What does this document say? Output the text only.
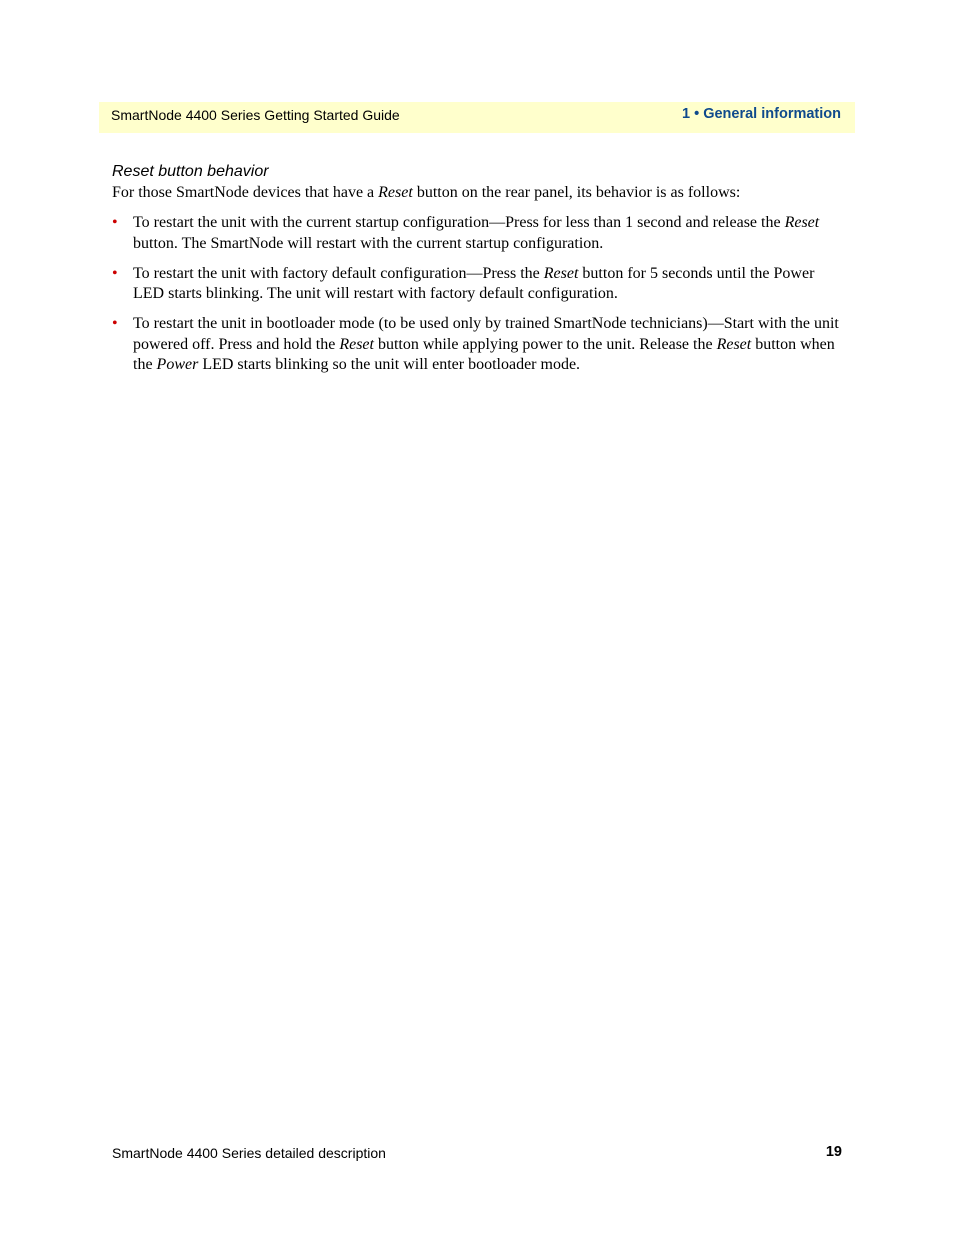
SmartNode 4400 Series Getting Started Guide	1 • General information
Reset button behavior

For those SmartNode devices that have a Reset button on the rear panel, its behavior is as follows:

• To restart the unit with the current startup configuration—Press for less than 1 second and release the Reset button. The SmartNode will restart with the current startup configuration.
• To restart the unit with factory default configuration—Press the Reset button for 5 seconds until the Power LED starts blinking. The unit will restart with factory default configuration.
• To restart the unit in bootloader mode (to be used only by trained SmartNode technicians)—Start with the unit powered off. Press and hold the Reset button while applying power to the unit. Release the Reset button when the Power LED starts blinking so the unit will enter bootloader mode.
SmartNode 4400 Series detailed description	19
